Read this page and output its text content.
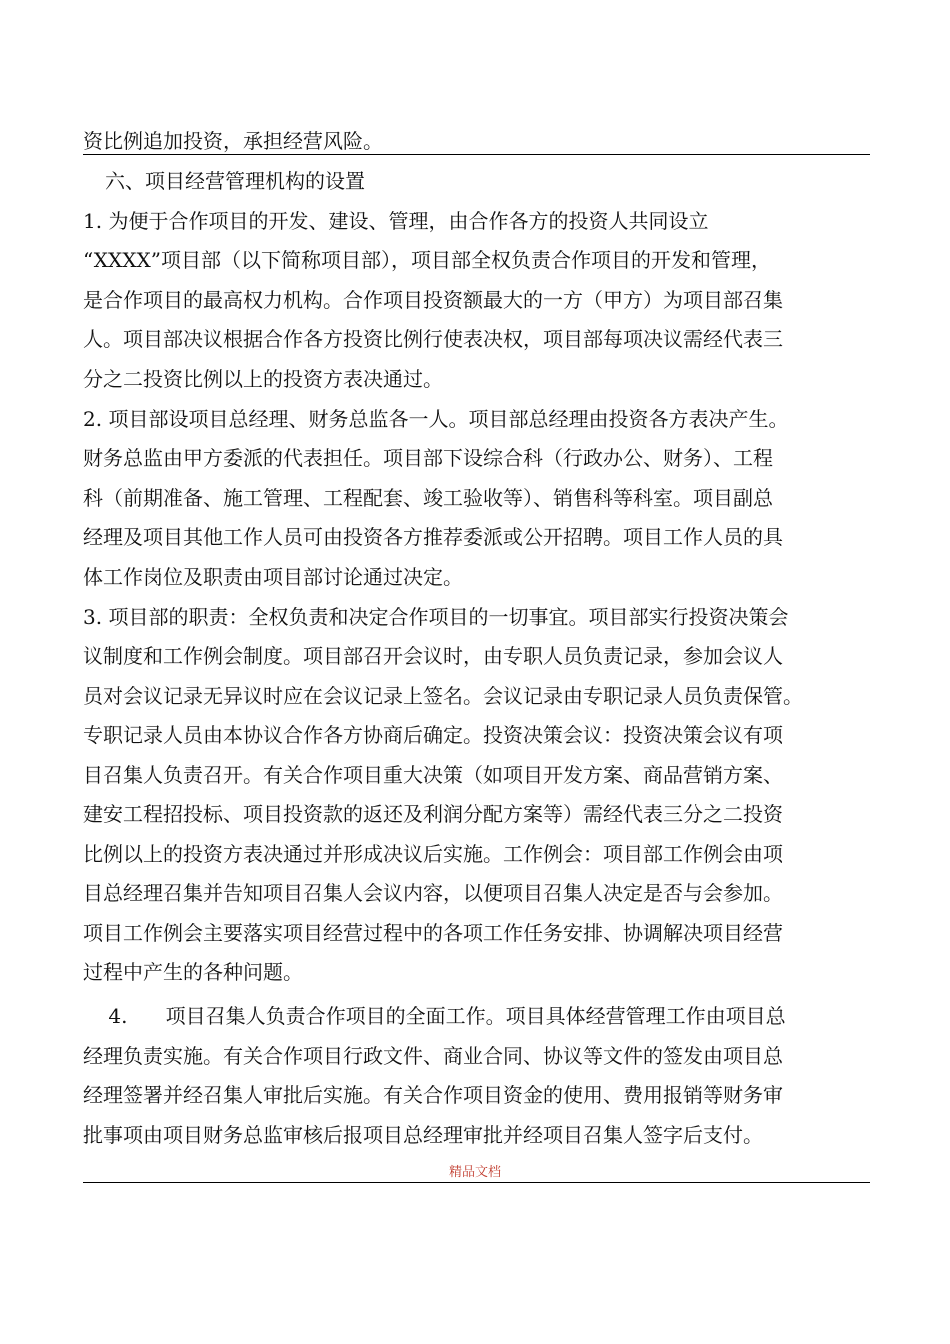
资比例追加投资，承担经营风险。
六、项目经营管理机构的设置
1. 为便于合作项目的开发、建设、管理，由合作各方的投资人共同设立
“XXXX”项目部（以下简称项目部），项目部全权负责合作项目的开发和管理，
是合作项目的最高权力机构。合作项目投资额最大的一方（甲方）为项目部召集
人。项目部决议根据合作各方投资比例行使表决权，项目部每项决议需经代表三
分之二投资比例以上的投资方表决通过。
2. 项目部设项目总经理、财务总监各一人。项目部总经理由投资各方表决产生。
财务总监由甲方委派的代表担任。项目部下设综合科（行政办公、财务）、工程
科（前期准备、施工管理、工程配套、竣工验收等）、销售科等科室。项目副总
经理及项目其他工作人员可由投资各方推荐委派或公开招聘。项目工作人员的具
体工作岗位及职责由项目部讨论通过决定。
3. 项目部的职责：全权负责和决定合作项目的一切事宜。项目部实行投资决策会
议制度和工作例会制度。项目部召开会议时，由专职人员负责记录，参加会议人
员对会议记录无异议时应在会议记录上签名。会议记录由专职记录人员负责保管。
专职记录人员由本协议合作各方协商后确定。投资决策会议：投资决策会议有项
目召集人负责召开。有关合作项目重大决策（如项目开发方案、商品营销方案、
建安工程招投标、项目投资款的返还及利润分配方案等）需经代表三分之二投资
比例以上的投资方表决通过并形成决议后实施。工作例会：项目部工作例会由项
目总经理召集并告知项目召集人会议内容，以便项目召集人决定是否与会参加。
项目工作例会主要落实项目经营过程中的各项工作任务安排、协调解决项目经营
过程中产生的各种问题。
4.      项目召集人负责合作项目的全面工作。项目具体经营管理工作由项目总
经理负责实施。有关合作项目行政文件、商业合同、协议等文件的签发由项目总
经理签署并经召集人审批后实施。有关合作项目资金的使用、费用报销等财务审
批事项由项目财务总监审核后报项目总经理审批并经项目召集人签字后支付。
精品文档
